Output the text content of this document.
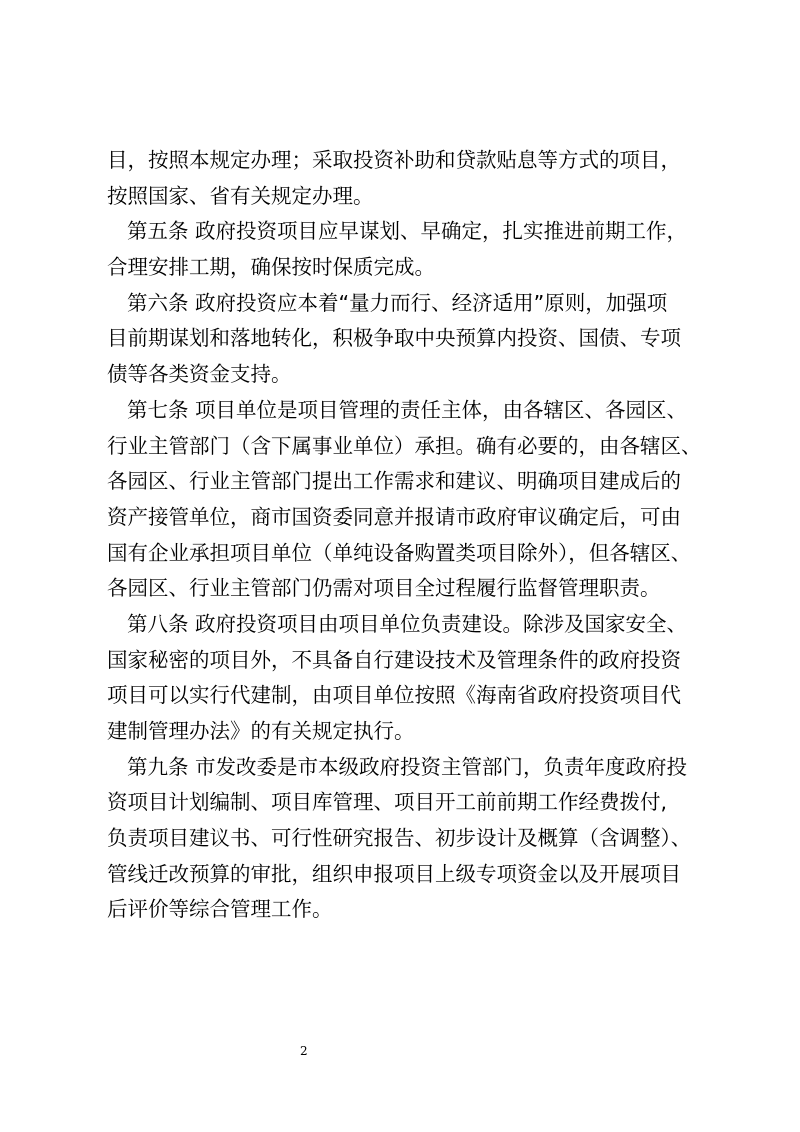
目，按照本规定办理；采取投资补助和贷款贴息等方式的项目，
按照国家、省有关规定办理。
第五条 政府投资项目应早谋划、早确定，扎实推进前期工作，
合理安排工期，确保按时保质完成。
第六条 政府投资应本着“量力而行、经济适用”原则，加强项
目前期谋划和落地转化，积极争取中央预算内投资、国债、专项
债等各类资金支持。
第七条 项目单位是项目管理的责任主体，由各辖区、各园区、
行业主管部门（含下属事业单位）承担。确有必要的，由各辖区、
各园区、行业主管部门提出工作需求和建议、明确项目建成后的
资产接管单位，商市国资委同意并报请市政府审议确定后，可由
国有企业承担项目单位（单纯设备购置类项目除外），但各辖区、
各园区、行业主管部门仍需对项目全过程履行监督管理职责。
第八条 政府投资项目由项目单位负责建设。除涉及国家安全、
国家秘密的项目外，不具备自行建设技术及管理条件的政府投资
项目可以实行代建制，由项目单位按照《海南省政府投资项目代
建制管理办法》的有关规定执行。
第九条 市发改委是市本级政府投资主管部门，负责年度政府投
资项目计划编制、项目库管理、项目开工前前期工作经费拨付,
负责项目建议书、可行性研究报告、初步设计及概算（含调整）、
管线迁改预算的审批，组织申报项目上级专项资金以及开展项目
后评价等综合管理工作。
2
